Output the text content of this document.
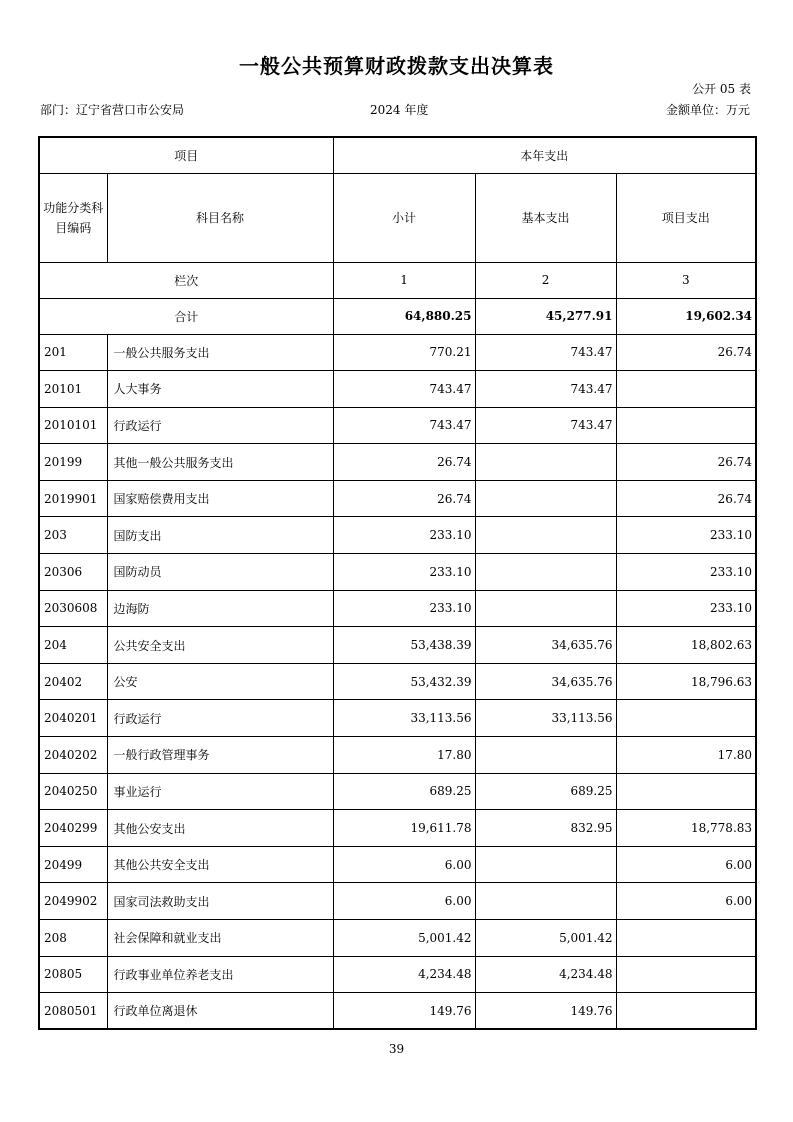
一般公共预算财政拨款支出决算表
公开 05 表
部门：辽宁省营口市公安局	2024 年度	金额单位：万元
项目		本年支出		
功能分类科目编码	科目名称	小计	基本支出	项目支出
栏次		1	2	3
合计		64,880.25	45,277.91	19,602.34
201	一般公共服务支出	770.21	743.47	26.74
20101	人大事务	743.47	743.47	
2010101	行政运行	743.47	743.47	
20199	其他一般公共服务支出	26.74		26.74
2019901	国家赔偿费用支出	26.74		26.74
203	国防支出	233.10		233.10
20306	国防动员	233.10		233.10
2030608	边海防	233.10		233.10
204	公共安全支出	53,438.39	34,635.76	18,802.63
20402	公安	53,432.39	34,635.76	18,796.63
2040201	行政运行	33,113.56	33,113.56	
2040202	一般行政管理事务	17.80		17.80
2040250	事业运行	689.25	689.25	
2040299	其他公安支出	19,611.78	832.95	18,778.83
20499	其他公共安全支出	6.00		6.00
2049902	国家司法救助支出	6.00		6.00
208	社会保障和就业支出	5,001.42	5,001.42	
20805	行政事业单位养老支出	4,234.48	4,234.48	
2080501	行政单位离退休	149.76	149.76	
39
